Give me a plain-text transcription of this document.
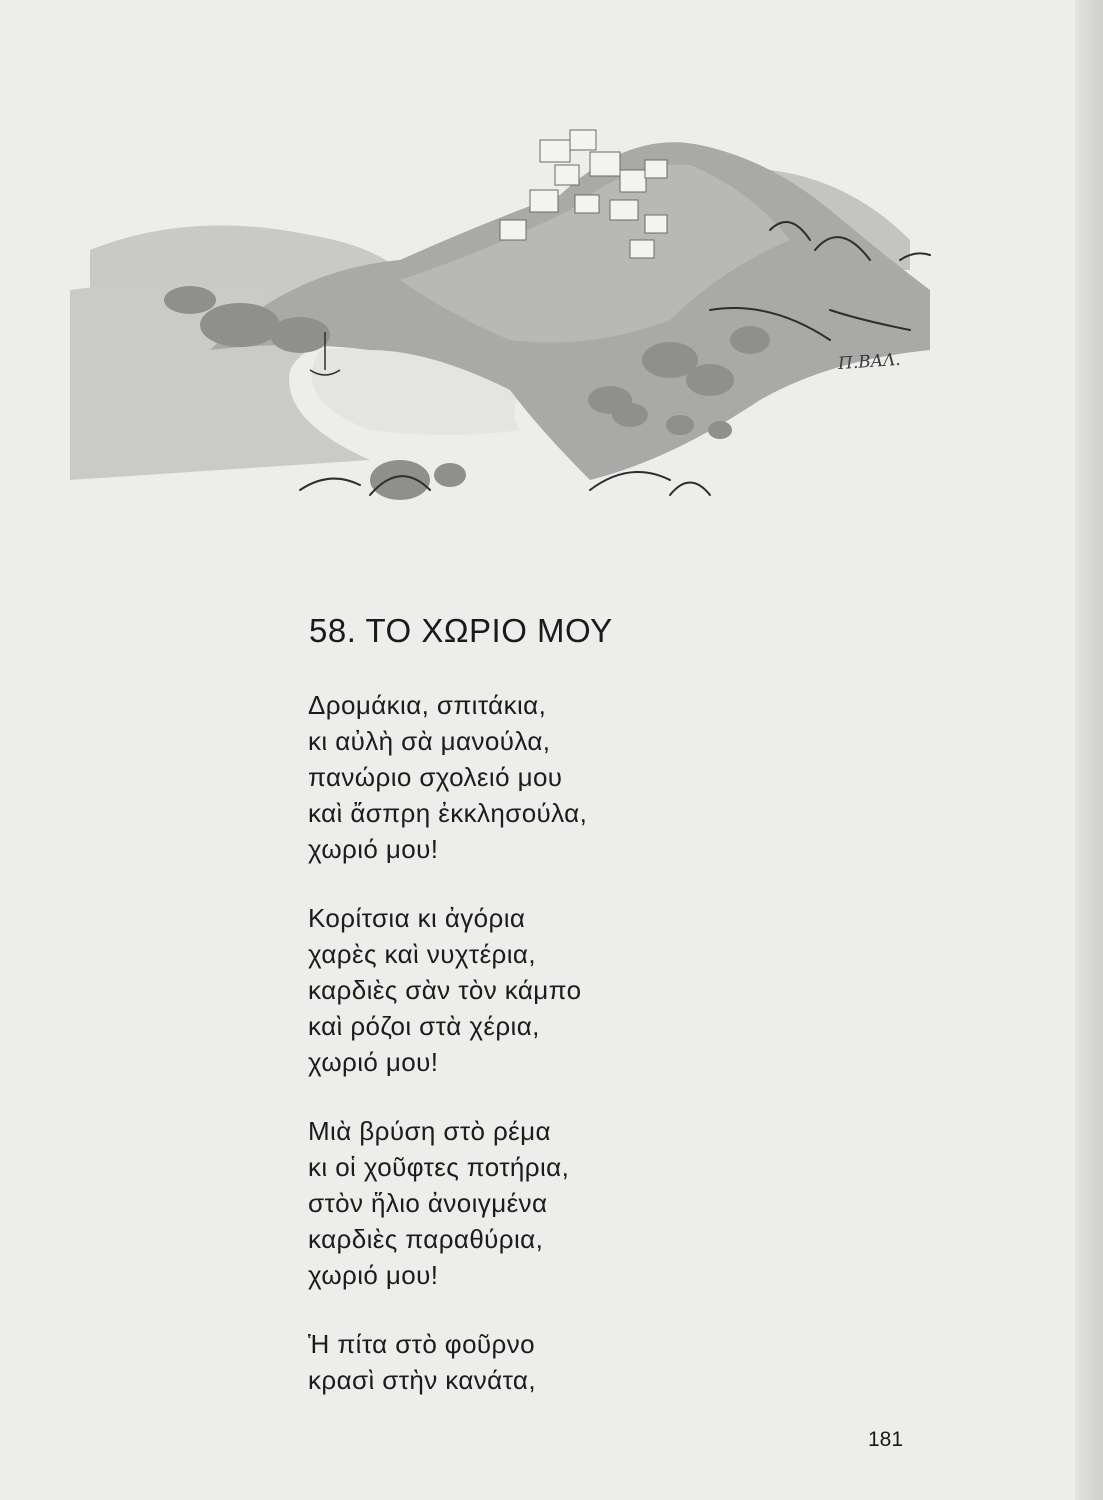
Π.ΒΑΛ.
58. ΤΟ ΧΩΡΙΟ ΜΟΥ
Δρομάκια, σπιτάκια,
κι αὐλὴ σὰ μανούλα,
πανώριο σχολειό μου
καὶ ἄσπρη ἐκκλησούλα,
χωριό μου!
Κορίτσια κι ἀγόρια
χαρὲς καὶ νυχτέρια,
καρδιὲς σὰν τὸν κάμπο
καὶ ρόζοι στὰ χέρια,
χωριό μου!
Μιὰ βρύση στὸ ρέμα
κι οἱ χοῦφτες ποτήρια,
στὸν ἥλιο ἀνοιγμένα
καρδιὲς παραθύρια,
χωριό μου!
Ἡ πίτα στὸ φοῦρνο
κρασὶ στὴν κανάτα,
181
